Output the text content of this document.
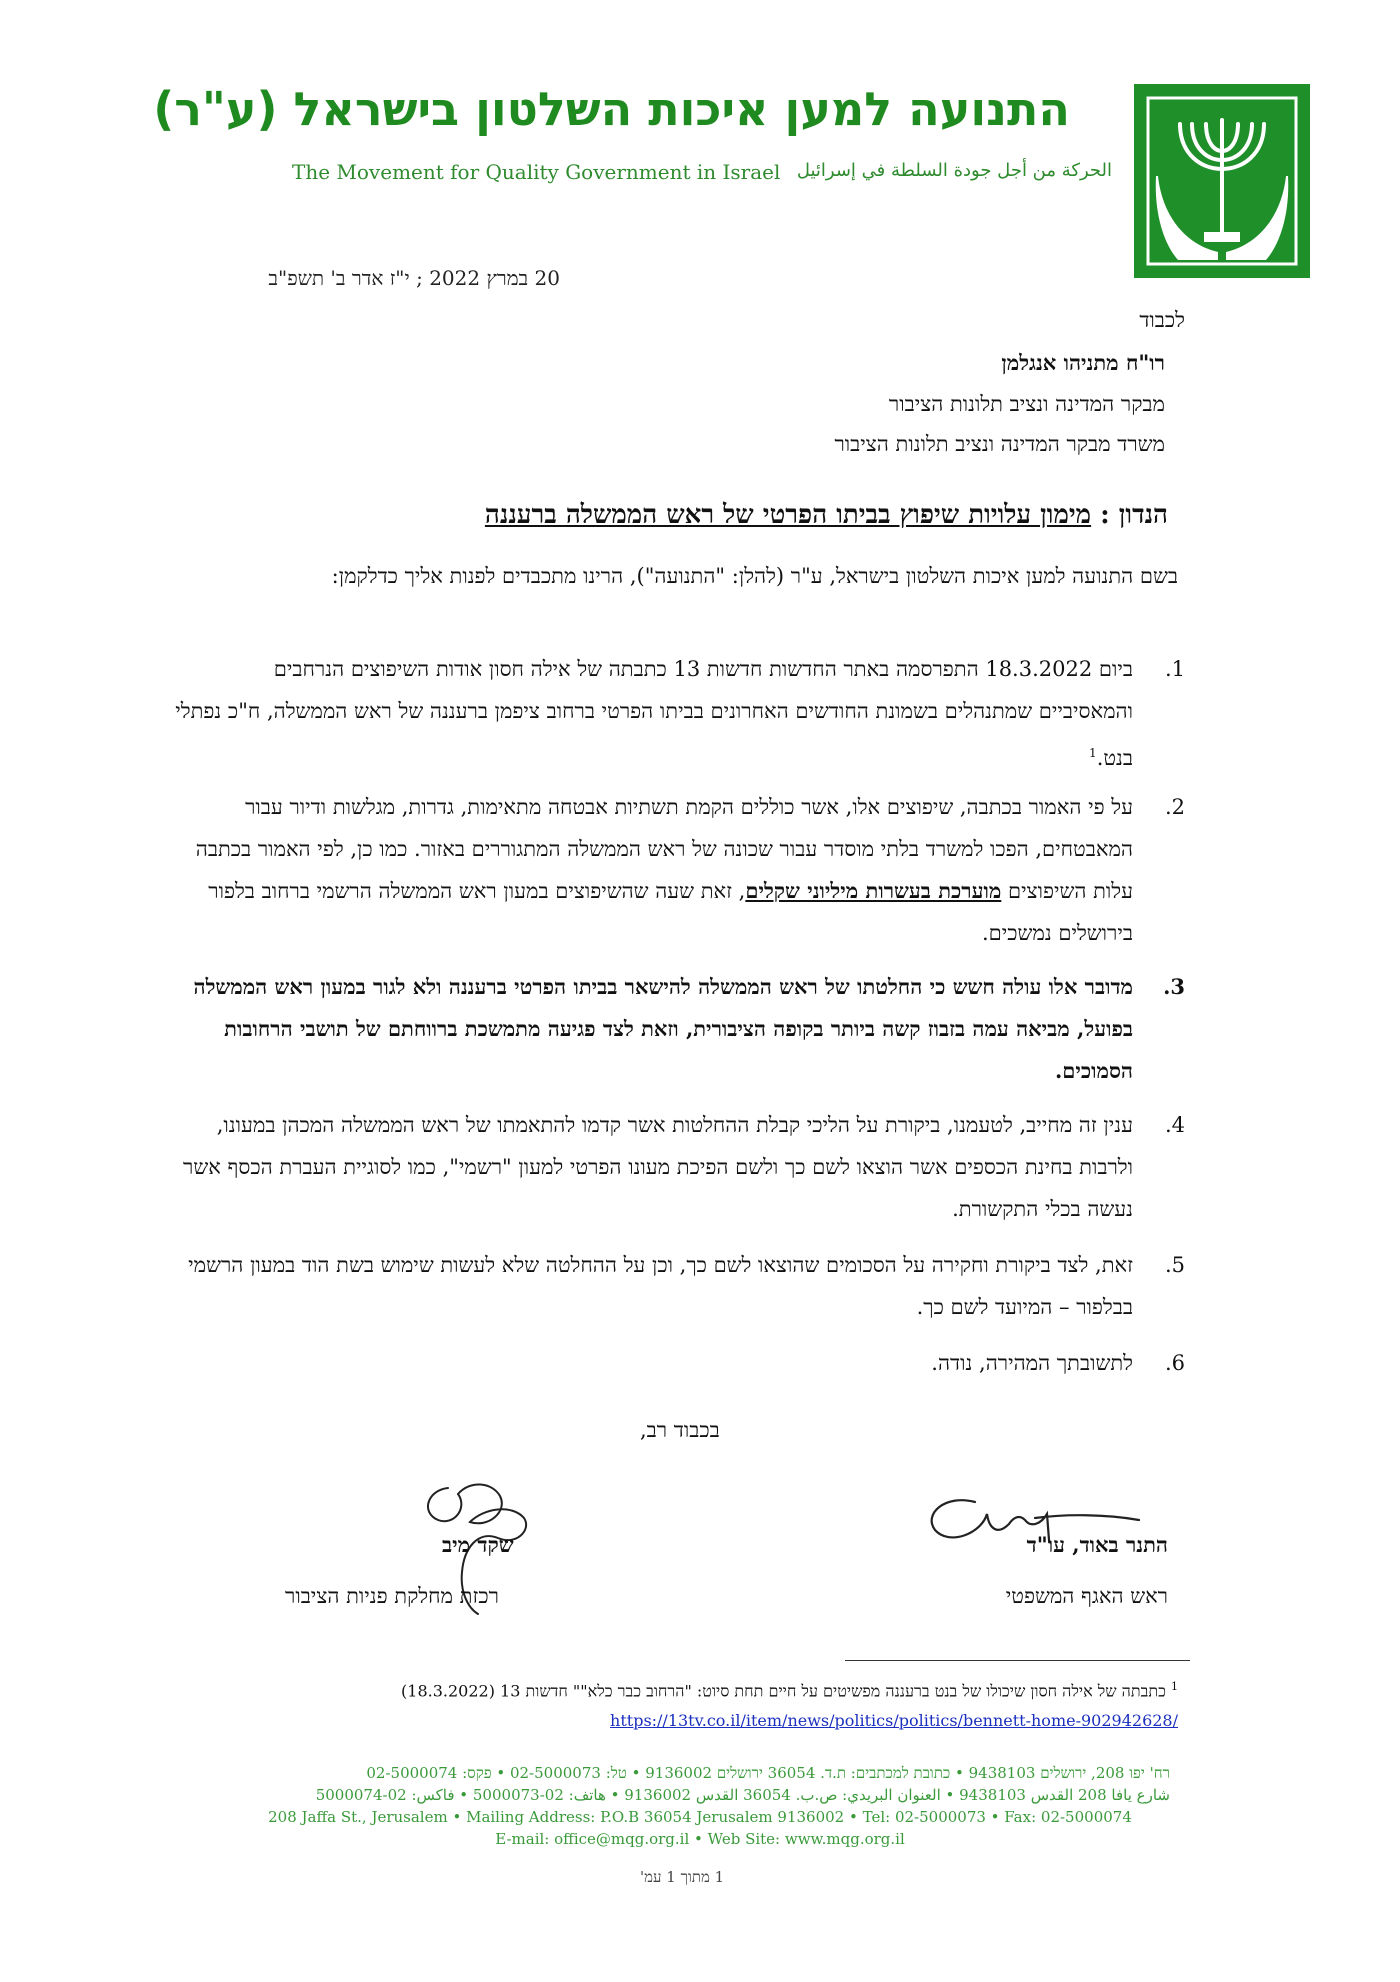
התנועה למען איכות השלטון בישראל (ע"ר)
The Movement for Quality Government in Israel الحركة من أجل جودة السلطة في إسرائيل
20 במרץ 2022 ; י"ז אדר ב' תשפ"ב
לכבוד
רו"ח מתניהו אנגלמן
מבקר המדינה ונציב תלונות הציבור
משרד מבקר המדינה ונציב תלונות הציבור
הנדון : מימון עלויות שיפוץ בביתו הפרטי של ראש הממשלה ברעננה
בשם התנועה למען איכות השלטון בישראל, ע"ר (להלן: "התנועה"), הרינו מתכבדים לפנות אליך כדלקמן:
1.
ביום 18.3.2022 התפרסמה באתר החדשות חדשות 13 כתבתה של אילה חסון אודות השיפוצים הנרחבים והמאסיביים שמתנהלים בשמונת החודשים האחרונים בביתו הפרטי ברחוב ציפמן ברעננה של ראש הממשלה, ח"כ נפתלי בנט.$^1$
2.
על פי האמור בכתבה, שיפוצים אלו, אשר כוללים הקמת תשתיות אבטחה מתאימות, גדרות, מגלשות ודיור עבור המאבטחים, הפכו למשרד בלתי מוסדר עבור שכונה של ראש הממשלה המתגוררים באזור. כמו כן, לפי האמור בכתבה עלות השיפוצים מוערכת בעשרות מיליוני שקלים, זאת שעה שהשיפוצים במעון ראש הממשלה הרשמי ברחוב בלפור בירושלים נמשכים.
3.
מדובר אלו עולה חשש כי החלטתו של ראש הממשלה להישאר בביתו הפרטי ברעננה ולא לגור במעון ראש הממשלה בפועל, מביאה עמה בזבוז קשה ביותר בקופה הציבורית, וזאת לצד פגיעה מתמשכת ברווחתם של תושבי הרחובות הסמוכים.
4.
ענין זה מחייב, לטעמנו, ביקורת על הליכי קבלת ההחלטות אשר קדמו להתאמתו של ראש הממשלה המכהן במעונו, ולרבות בחינת הכספים אשר הוצאו לשם כך ולשם הפיכת מעונו הפרטי למעון "רשמי", כמו לסוגיית העברת הכסף אשר נעשה בכלי התקשורת.
5.
זאת, לצד ביקורת וחקירה על הסכומים שהוצאו לשם כך, וכן על ההחלטה שלא לעשות שימוש בשת הוד במעון הרשמי בבלפור – המיועד לשם כך.
6.
לתשובתך המהירה, נודה.
בכבוד רב,
התנר באוד, עו"ד
ראש האגף המשפטי
שקד מיב
רכזת מחלקת פניות הציבור
$^1$ כתבתה של אילה חסון שיכולו של בנט ברעננה מפשיטים על חיים תחת סיוט: "הרחוב כבר כלא"" חדשות 13 (18.3.2022) https://13tv.co.il/item/news/politics/politics/bennett-home-902942628/
רח' יפו 208, ירושלים 9438103 • כתובת למכתבים: ת.ד. 36054 ירושלים 9136002 • טל: 02-5000073 • פקס: 02-5000074
شارع يافا 208 القدس 9438103 • العنوان البريدي: ص.ب. 36054 القدس 9136002 • هاتف: 02-5000073 • فاكس: 02-5000074
208 Jaffa St., Jerusalem • Mailing Address: P.O.B 36054 Jerusalem 9136002 • Tel: 02-5000073 • Fax: 02-5000074
E-mail: office@mqg.org.il • Web Site: www.mqg.org.il
1 מתוך 1 עמ'
